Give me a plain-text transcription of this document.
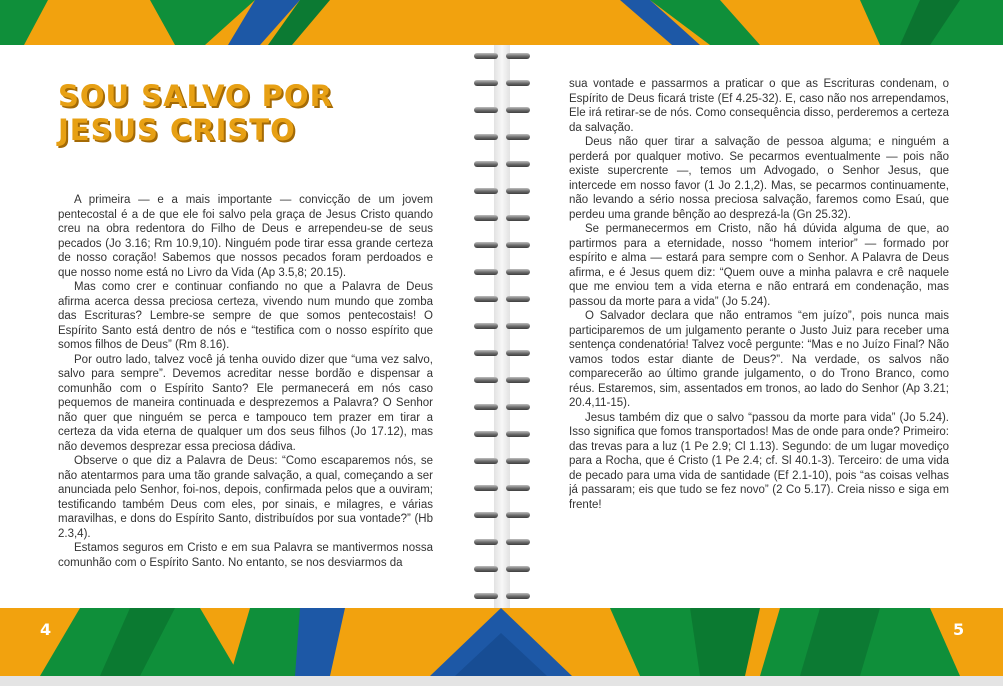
SOU SALVO POR
JESUS CRISTO

A primeira — e a mais importante — convicção de um jovem pentecostal é a de que ele foi salvo pela graça de Jesus Cristo quando creu na obra redentora do Filho de Deus e arrependeu-se de seus pecados (Jo 3.16; Rm 10.9,10). Ninguém pode tirar essa grande certeza de nosso coração! Sabemos que nossos pecados foram perdoados e que nosso nome está no Livro da Vida (Ap 3.5,8; 20.15).

Mas como crer e continuar confiando no que a Palavra de Deus afirma acerca dessa preciosa certeza, vivendo num mundo que zomba das Escrituras? Lembre-se sempre de que somos pentecostais! O Espírito Santo está dentro de nós e “testifica com o nosso espírito que somos filhos de Deus” (Rm 8.16).

Por outro lado, talvez você já tenha ouvido dizer que “uma vez salvo, salvo para sempre”. Devemos acreditar nesse bordão e dispensar a comunhão com o Espírito Santo? Ele permanecerá em nós caso pequemos de maneira continuada e desprezemos a Palavra? O Senhor não quer que ninguém se perca e tampouco tem prazer em tirar a certeza da vida eterna de qualquer um dos seus filhos (Jo 17.12), mas não devemos desprezar essa preciosa dádiva.

Observe o que diz a Palavra de Deus: “Como escaparemos nós, se não atentarmos para uma tão grande salvação, a qual, começando a ser anunciada pelo Senhor, foi-nos, depois, confirmada pelos que a ouviram; testificando também Deus com eles, por sinais, e milagres, e várias maravilhas, e dons do Espírito Santo, distribuídos por sua vontade?” (Hb 2.3,4).

Estamos seguros em Cristo e em sua Palavra se mantivermos nossa comunhão com o Espírito Santo. No entanto, se nos desviarmos da

sua vontade e passarmos a praticar o que as Escrituras condenam, o Espírito de Deus ficará triste (Ef 4.25-32). E, caso não nos arrependamos, Ele irá retirar-se de nós. Como consequência disso, perderemos a certeza da salvação.

Deus não quer tirar a salvação de pessoa alguma; e ninguém a perderá por qualquer motivo. Se pecarmos eventualmente — pois não existe supercrente —, temos um Advogado, o Senhor Jesus, que intercede em nosso favor (1 Jo 2.1,2). Mas, se pecarmos continuamente, não levando a sério nossa preciosa salvação, faremos como Esaú, que perdeu uma grande bênção ao desprezá-la (Gn 25.32).

Se permanecermos em Cristo, não há dúvida alguma de que, ao partirmos para a eternidade, nosso “homem interior” — formado por espírito e alma — estará para sempre com o Senhor. A Palavra de Deus afirma, e é Jesus quem diz: “Quem ouve a minha palavra e crê naquele que me enviou tem a vida eterna e não entrará em condenação, mas passou da morte para a vida” (Jo 5.24).

O Salvador declara que não entramos “em juízo”, pois nunca mais participaremos de um julgamento perante o Justo Juiz para receber uma sentença condenatória! Talvez você pergunte: “Mas e no Juízo Final? Não vamos todos estar diante de Deus?”. Na verdade, os salvos não comparecerão ao último grande julgamento, o do Trono Branco, como réus. Estaremos, sim, assentados em tronos, ao lado do Senhor (Ap 3.21; 20.4,11-15).

Jesus também diz que o salvo “passou da morte para vida” (Jo 5.24). Isso significa que fomos transportados! Mas de onde para onde? Primeiro: das trevas para a luz (1 Pe 2.9; Cl 1.13). Segundo: de um lugar movediço para a Rocha, que é Cristo (1 Pe 2.4; cf. Sl 40.1-3). Terceiro: de uma vida de pecado para uma vida de santidade (Ef 2.1-10), pois “as coisas velhas já passaram; eis que tudo se fez novo” (2 Co 5.17). Creia nisso e siga em frente!

4	5
